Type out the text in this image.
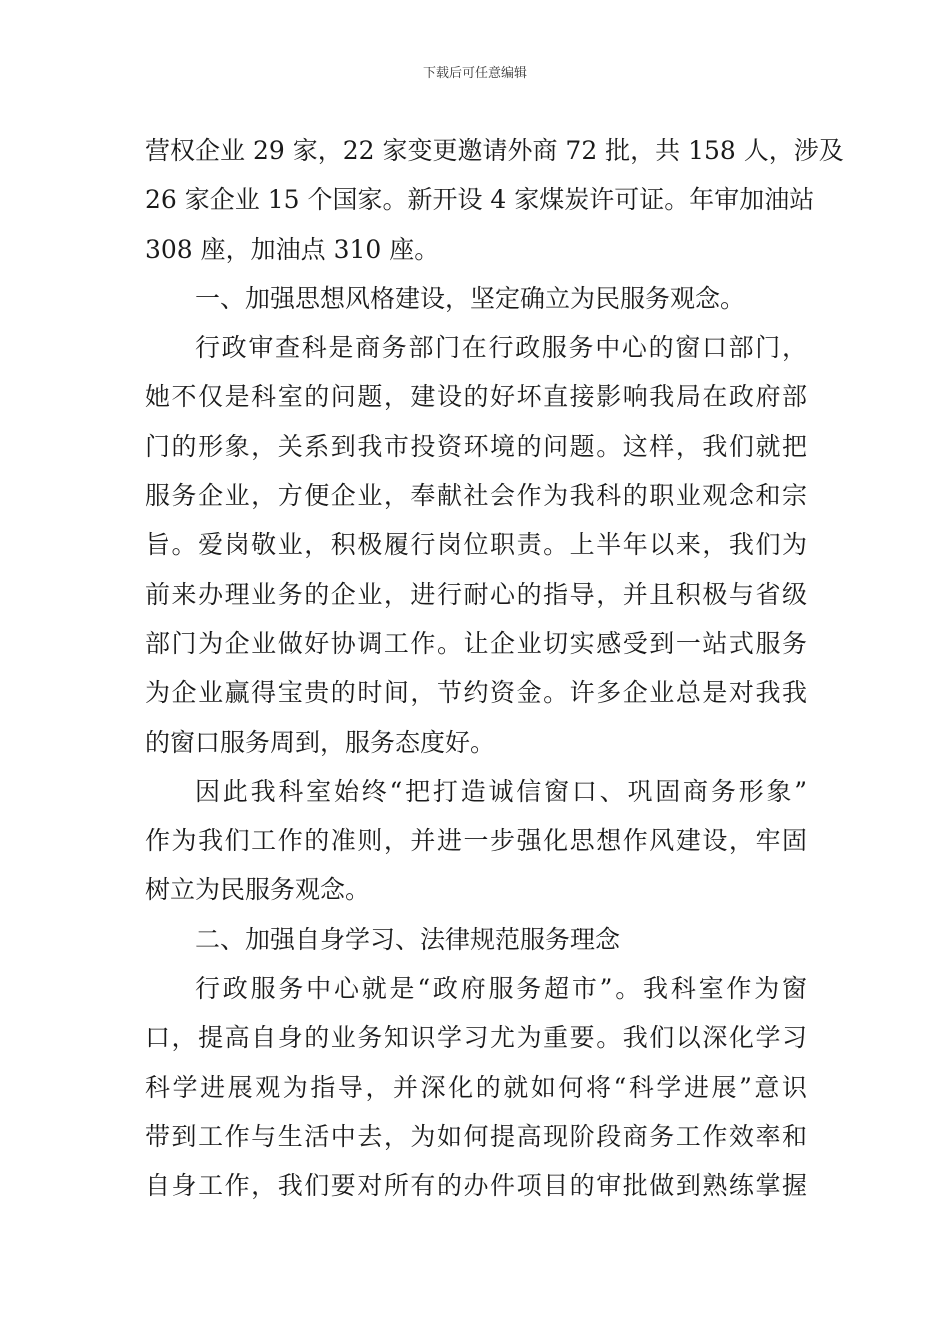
下载后可任意编辑
营权企业 29 家，22 家变更邀请外商 72 批，共 158 人，涉及
26 家企业 15 个国家。新开设 4 家煤炭许可证。年审加油站
308 座，加油点 310 座。
一、加强思想风格建设，坚定确立为民服务观念。
行政审查科是商务部门在行政服务中心的窗口部门，
她不仅是科室的问题，建设的好坏直接影响我局在政府部
门的形象，关系到我市投资环境的问题。这样，我们就把
服务企业，方便企业，奉献社会作为我科的职业观念和宗
旨。爱岗敬业，积极履行岗位职责。上半年以来，我们为
前来办理业务的企业，进行耐心的指导，并且积极与省级
部门为企业做好协调工作。让企业切实感受到一站式服务
为企业赢得宝贵的时间，节约资金。许多企业总是对我我
的窗口服务周到，服务态度好。
因此我科室始终“把打造诚信窗口、巩固商务形象”
作为我们工作的准则，并进一步强化思想作风建设，牢固
树立为民服务观念。
二、加强自身学习、法律规范服务理念
行政服务中心就是“政府服务超市”。我科室作为窗
口，提高自身的业务知识学习尤为重要。我们以深化学习
科学进展观为指导，并深化的就如何将“科学进展”意识
带到工作与生活中去，为如何提高现阶段商务工作效率和
自身工作，我们要对所有的办件项目的审批做到熟练掌握
